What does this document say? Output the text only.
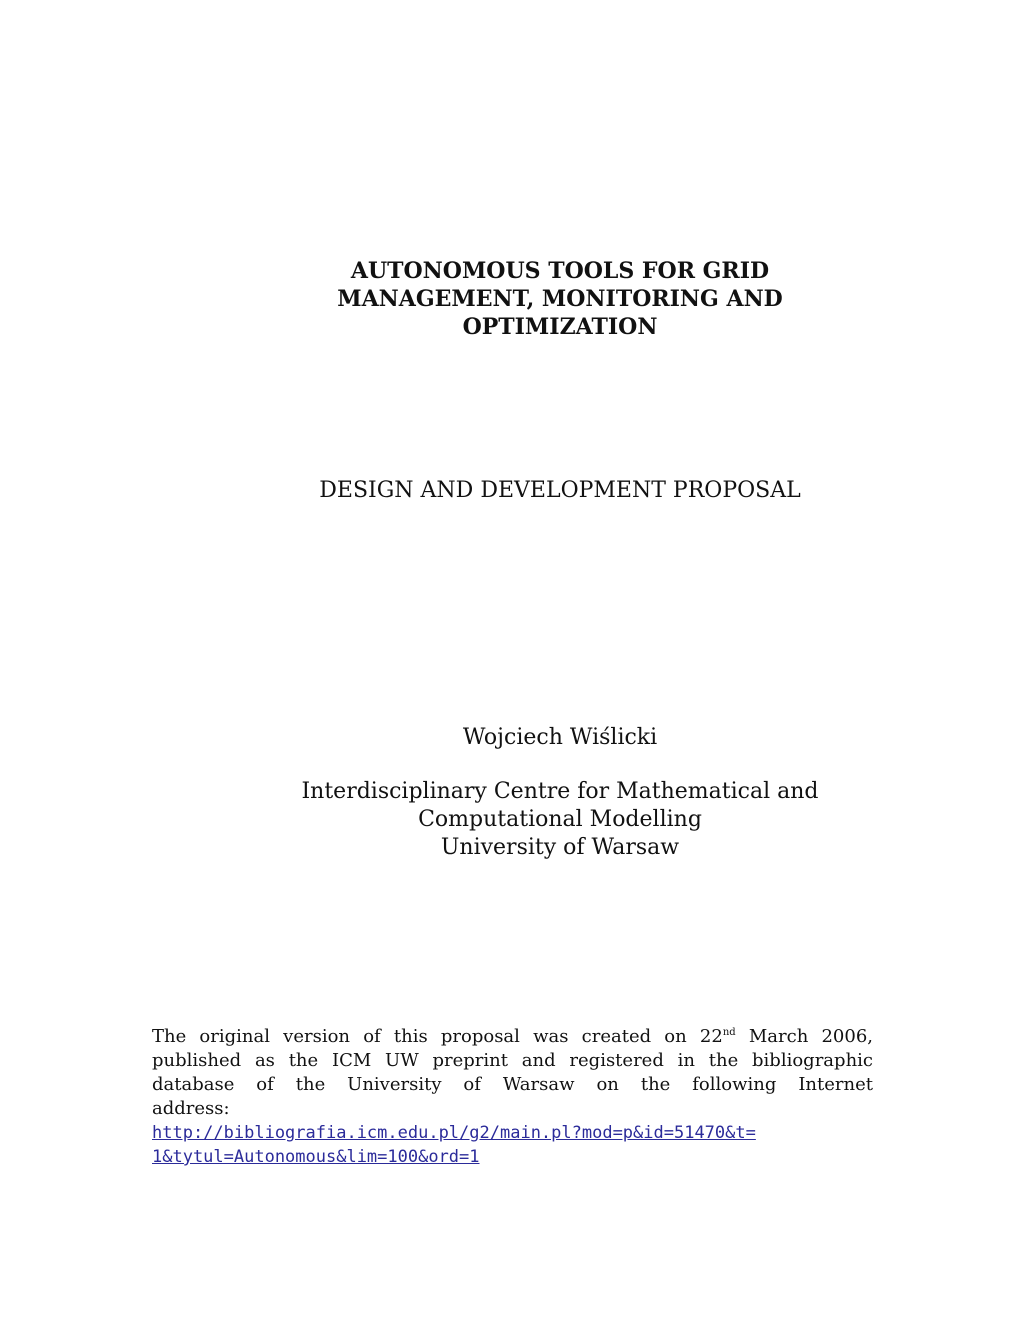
AUTONOMOUS TOOLS FOR GRID
MANAGEMENT, MONITORING AND
OPTIMIZATION
DESIGN AND DEVELOPMENT PROPOSAL
Wojciech Wiślicki
Interdisciplinary Centre for Mathematical and
Computational Modelling
University of Warsaw
The original version of this proposal was created on 22nd March 2006,
published as the ICM UW preprint and registered in the bibliographic
database of the University of Warsaw on the following Internet
address:
http://bibliografia.icm.edu.pl/g2/main.pl?mod=p&id=51470&t=
1&tytul=Autonomous&lim=100&ord=1
